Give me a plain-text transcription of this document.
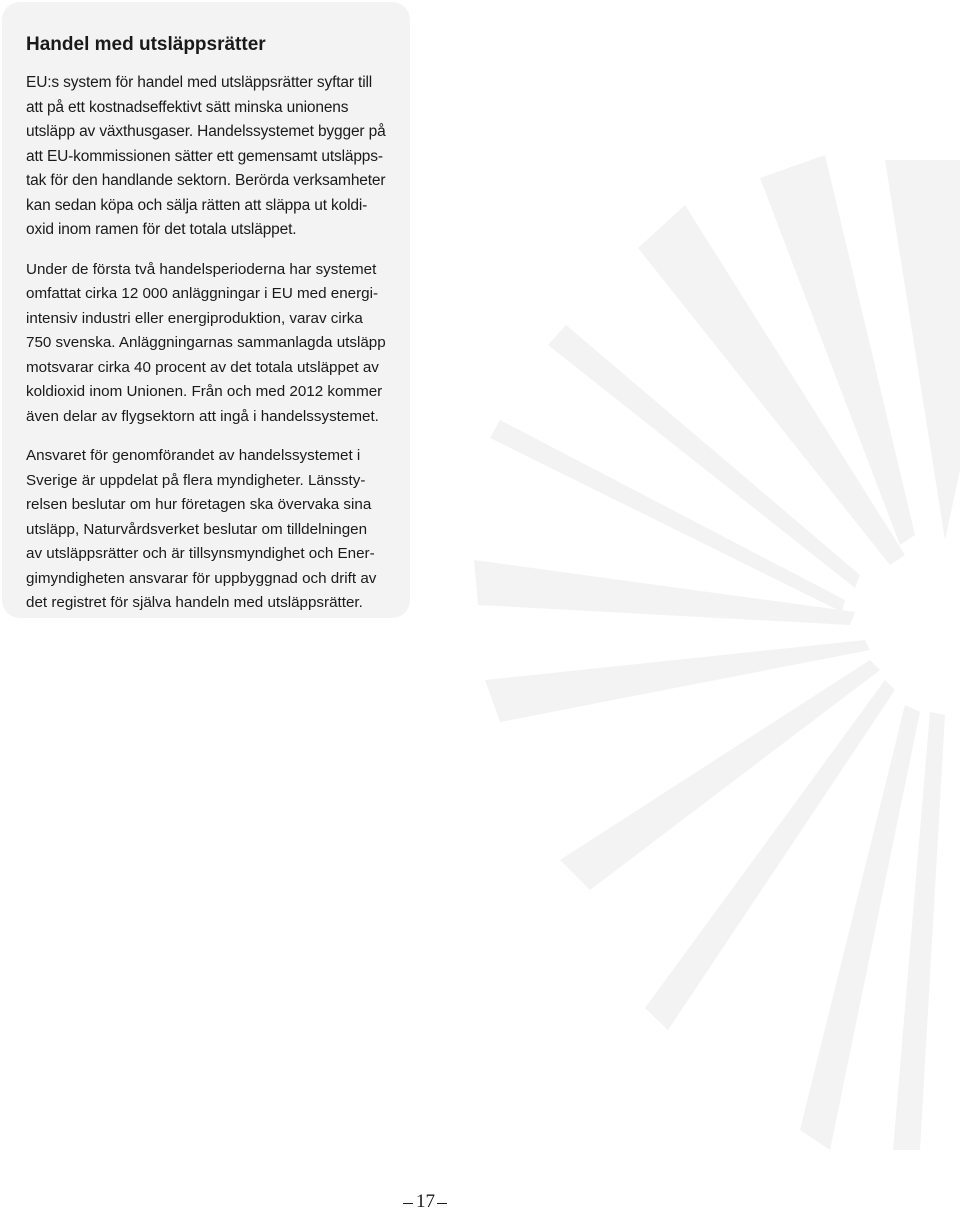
Handel med utsläppsrätter

EU:s system för handel med utsläppsrätter syftar till
att på ett kostnadseffektivt sätt minska unionens
utsläpp av växthusgaser. Handelssystemet bygger på
att EU-kommissionen sätter ett gemensamt utsläpps-
tak för den handlande sektorn. Berörda verksamheter
kan sedan köpa och sälja rätten att släppa ut koldi-
oxid inom ramen för det totala utsläppet.

Under de första två handelsperioderna har systemet
omfattat cirka 12 000 anläggningar i EU med energi-
intensiv industri eller energiproduktion, varav cirka
750 svenska. Anläggningarnas sammanlagda utsläpp
motsvarar cirka 40 procent av det totala utsläppet av
koldioxid inom Unionen. Från och med 2012 kommer
även delar av flygsektorn att ingå i handelssystemet.

Ansvaret för genomförandet av handelssystemet i
Sverige är uppdelat på flera myndigheter. Länssty-
relsen beslutar om hur företagen ska övervaka sina
utsläpp, Naturvårdsverket beslutar om tilldelningen
av utsläppsrätter och är tillsynsmyndighet och Ener-
gimyndigheten ansvarar för uppbyggnad och drift av
det registret för själva handeln med utsläppsrätter.

17
